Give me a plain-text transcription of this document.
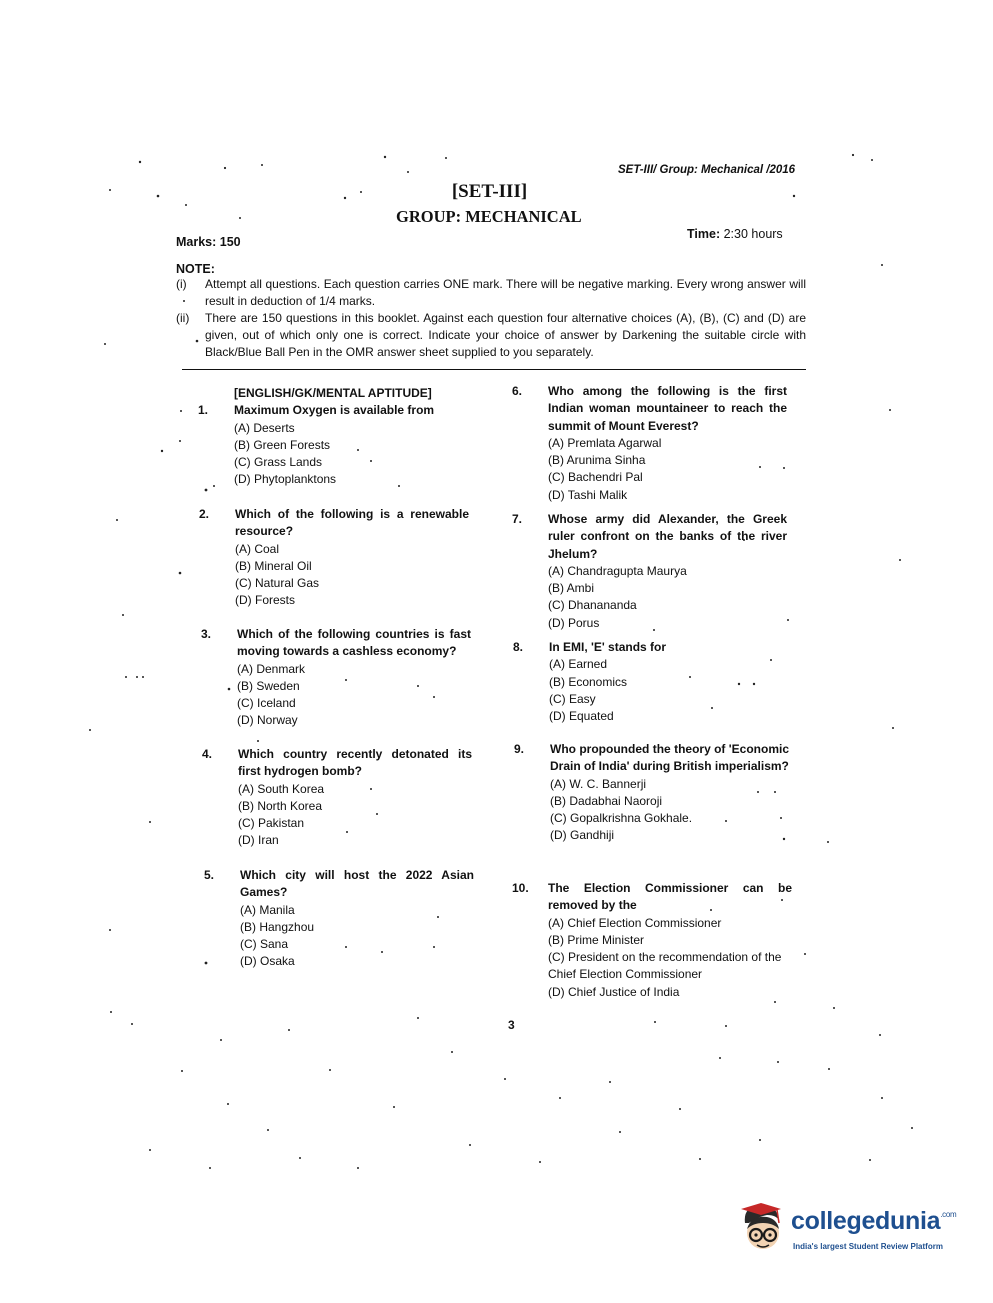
SET-III/ Group: Mechanical /2016
[SET-III]
GROUP: MECHANICAL
Marks: 150
Time: 2:30 hours
NOTE:
(i) Attempt all questions. Each question carries ONE mark. There will be negative marking. Every wrong answer will result in deduction of 1/4 marks.
(ii) There are 150 questions in this booklet. Against each question four alternative choices (A), (B), (C) and (D) are given, out of which only one is correct. Indicate your choice of answer by Darkening the suitable circle with Black/Blue Ball Pen in the OMR answer sheet supplied to you separately.
[ENGLISH/GK/MENTAL APTITUDE]
1. Maximum Oxygen is available from
(A) Deserts
(B) Green Forests
(C) Grass Lands
(D) Phytoplanktons
2. Which of the following is a renewable resource?
(A) Coal
(B) Mineral Oil
(C) Natural Gas
(D) Forests
3. Which of the following countries is fast moving towards a cashless economy?
(A) Denmark
(B) Sweden
(C) Iceland
(D) Norway
4. Which country recently detonated its first hydrogen bomb?
(A) South Korea
(B) North Korea
(C) Pakistan
(D) Iran
5. Which city will host the 2022 Asian Games?
(A) Manila
(B) Hangzhou
(C) Sana
(D) Osaka
6. Who among the following is the first Indian woman mountaineer to reach the summit of Mount Everest?
(A) Premlata Agarwal
(B) Arunima Sinha
(C) Bachendri Pal
(D) Tashi Malik
7. Whose army did Alexander, the Greek ruler confront on the banks of the river Jhelum?
(A) Chandragupta Maurya
(B) Ambi
(C) Dhanananda
(D) Porus
8. In EMI, 'E' stands for
(A) Earned
(B) Economics
(C) Easy
(D) Equated
9. Who propounded the theory of 'Economic Drain of India' during British imperialism?
(A) W. C. Bannerji
(B) Dadabhai Naoroji
(C) Gopalkrishna Gokhale.
(D) Gandhiji
10. The Election Commissioner can be removed by the
(A) Chief Election Commissioner
(B) Prime Minister
(C) President on the recommendation of the Chief Election Commissioner
(D) Chief Justice of India
3
collegedunia$^{.com}$
India's largest Student Review Platform
